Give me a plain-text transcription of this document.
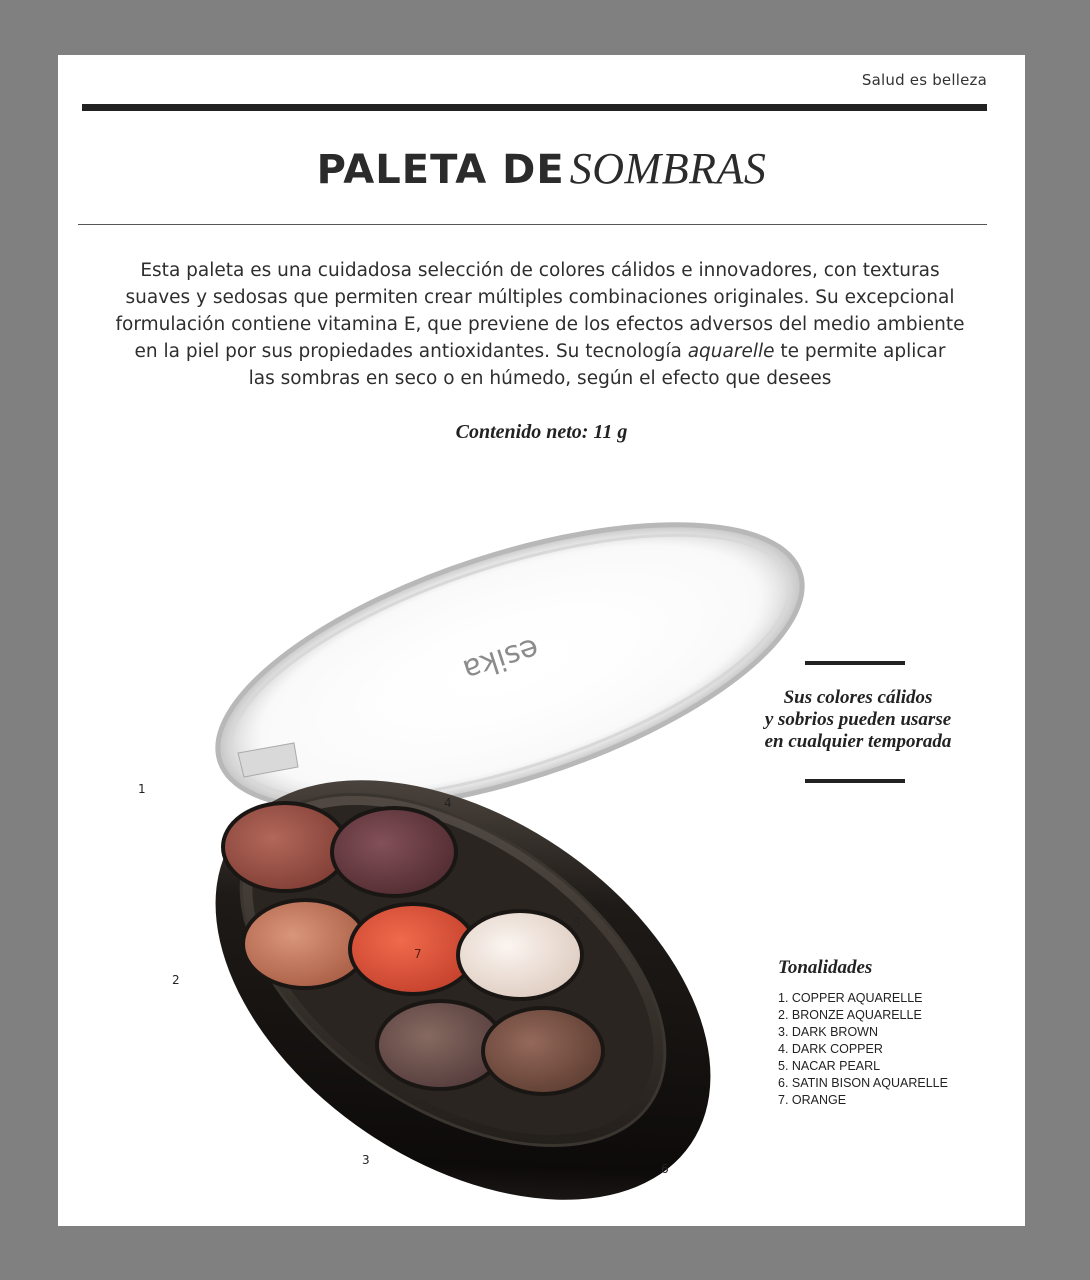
Salud es belleza
PALETA DE SOMBRAS
Esta paleta es una cuidadosa selección de colores cálidos e innovadores, con texturas
suaves y sedosas que permiten crear múltiples combinaciones originales. Su excepcional
formulación contiene vitamina E, que previene de los efectos adversos del medio ambiente
en la piel por sus propiedades antioxidantes. Su tecnología aquarelle te permite aplicar
las sombras en seco o en húmedo, según el efecto que desees
Contenido neto: 11 g
esika
1
2
3
4
5
6
7
Sus colores cálidos
y sobrios pueden usarse
en cualquier temporada
Tonalidades
1. COPPER AQUARELLE
2. BRONZE AQUARELLE
3. DARK BROWN
4. DARK COPPER
5. NACAR PEARL
6. SATIN BISON AQUARELLE
7. ORANGE
